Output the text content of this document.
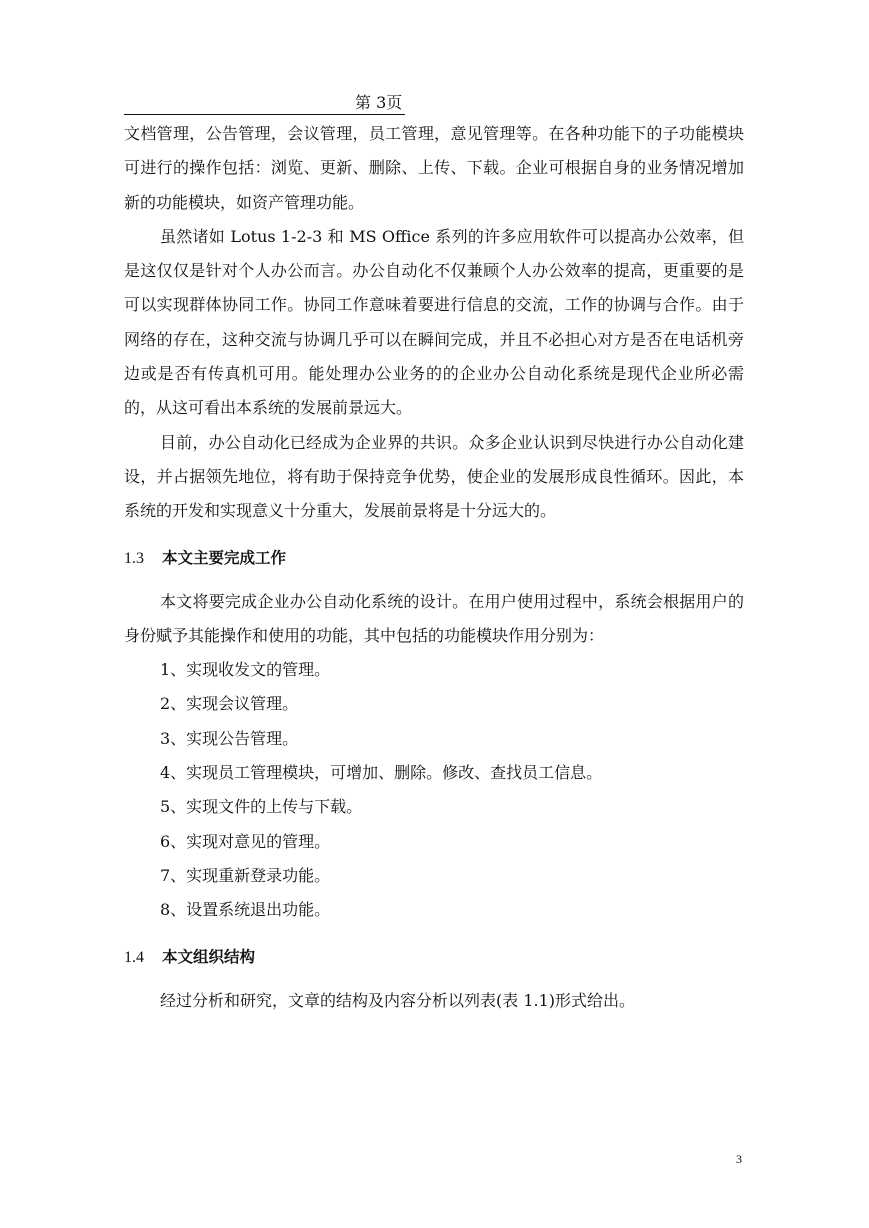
第 3页

文档管理，公告管理，会议管理，员工管理，意见管理等。在各种功能下的子功能模块可进行的操作包括：浏览、更新、删除、上传、下载。企业可根据自身的业务情况增加新的功能模块，如资产管理功能。

虽然诸如 Lotus 1-2-3 和 MS Office 系列的许多应用软件可以提高办公效率，但是这仅仅是针对个人办公而言。办公自动化不仅兼顾个人办公效率的提高，更重要的是可以实现群体协同工作。协同工作意味着要进行信息的交流，工作的协调与合作。由于网络的存在，这种交流与协调几乎可以在瞬间完成，并且不必担心对方是否在电话机旁边或是否有传真机可用。能处理办公业务的的企业办公自动化系统是现代企业所必需的，从这可看出本系统的发展前景远大。

目前，办公自动化已经成为企业界的共识。众多企业认识到尽快进行办公自动化建设，并占据领先地位，将有助于保持竞争优势，使企业的发展形成良性循环。因此，本系统的开发和实现意义十分重大，发展前景将是十分远大的。

1.3 本文主要完成工作

本文将要完成企业办公自动化系统的设计。在用户使用过程中，系统会根据用户的身份赋予其能操作和使用的功能，其中包括的功能模块作用分别为：

1、实现收发文的管理。
2、实现会议管理。
3、实现公告管理。
4、实现员工管理模块，可增加、删除。修改、查找员工信息。
5、实现文件的上传与下载。
6、实现对意见的管理。
7、实现重新登录功能。
8、设置系统退出功能。
1.4 本文组织结构

经过分析和研究，文章的结构及内容分析以列表(表 1.1)形式给出。

3
